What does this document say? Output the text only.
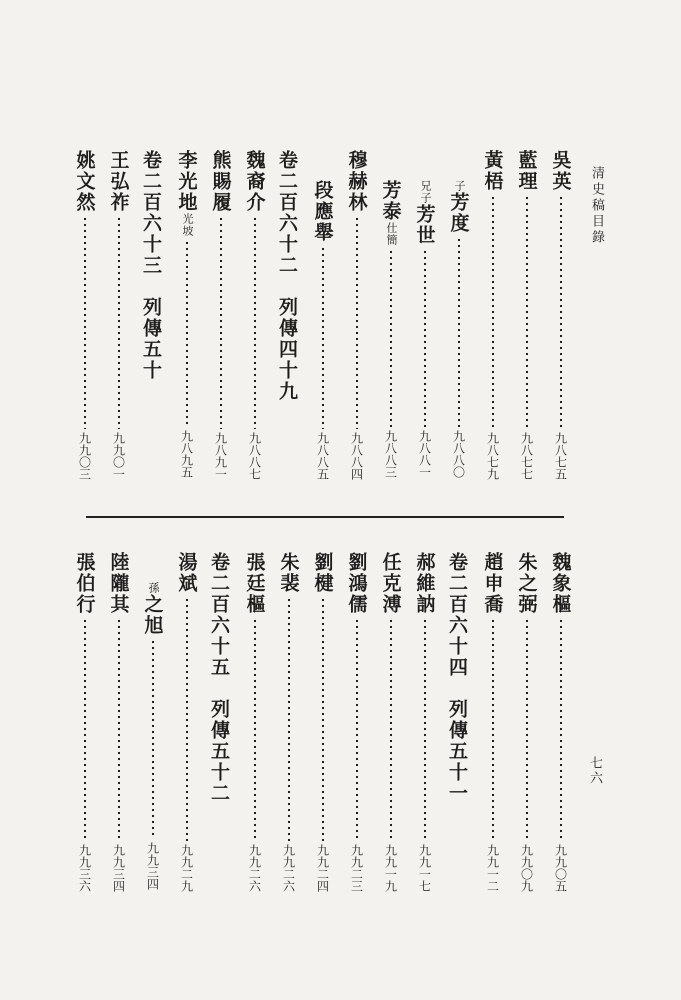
清史稿目錄
七六
吳英
九八七五
藍理
九八七七
黃梧
九八七九
子
芳度
九八八〇
兄子
芳世
九八八一
芳泰
仕簡
九八八三
穆赫林
九八八四
段應舉
九八八五
卷二百六十二　列傳四十九
魏裔介
九八八七
熊賜履
九八九一
李光地
光坡
九八九五
卷二百六十三　列傳五十
王弘祚
九九〇一
姚文然
九九〇三
魏象樞
九九〇五
朱之弼
九九〇九
趙申喬
九九一二
卷二百六十四　列傳五十一
郝維訥
九九一七
任克溥
九九一九
劉鴻儒
九九二三
劉楗
九九二四
朱裴
九九二六
張廷樞
九九二六
卷二百六十五　列傳五十二
湯斌
九九二九
孫
之旭
九九三四
陸隴其
九九三四
張伯行
九九三六
